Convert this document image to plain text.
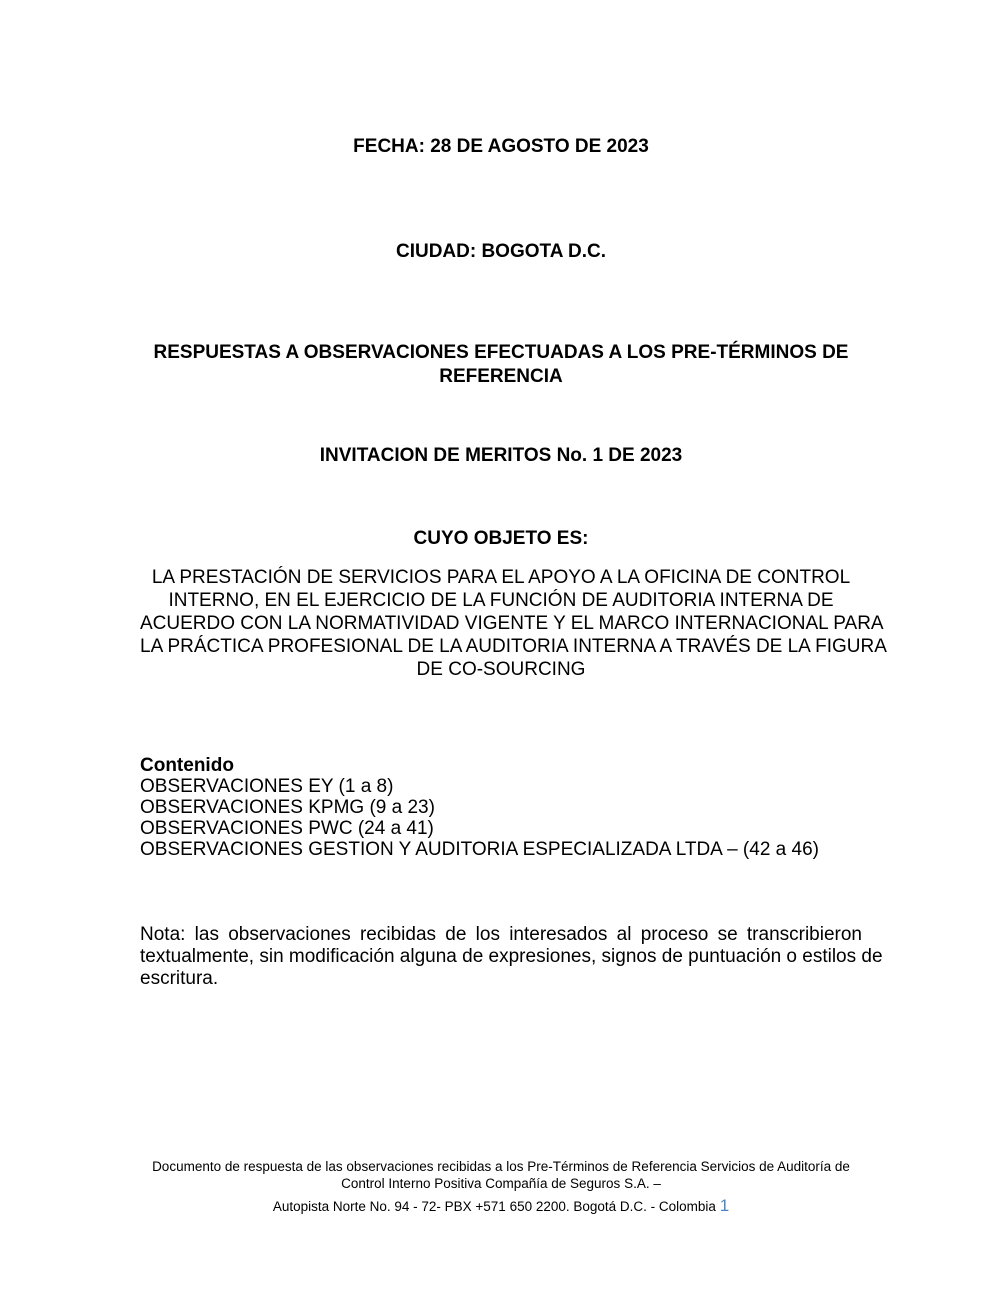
FECHA: 28 DE AGOSTO DE 2023
CIUDAD: BOGOTA D.C.
RESPUESTAS A OBSERVACIONES EFECTUADAS A LOS PRE-TÉRMINOS DE
REFERENCIA
INVITACION DE MERITOS No. 1 DE 2023
CUYO OBJETO ES:
LA PRESTACIÓN DE SERVICIOS PARA EL APOYO A LA OFICINA DE CONTROL
INTERNO, EN EL EJERCICIO DE LA FUNCIÓN DE AUDITORIA INTERNA DE
ACUERDO CON LA NORMATIVIDAD VIGENTE Y EL MARCO INTERNACIONAL PARA
LA PRÁCTICA PROFESIONAL DE LA AUDITORIA INTERNA A TRAVÉS DE LA FIGURA
DE CO-SOURCING
Contenido
OBSERVACIONES EY (1 a 8)
OBSERVACIONES KPMG (9 a 23)
OBSERVACIONES PWC (24 a 41)
OBSERVACIONES GESTION Y AUDITORIA ESPECIALIZADA LTDA – (42 a 46)
Nota: las observaciones recibidas de los interesados al proceso se transcribieron
textualmente, sin modificación alguna de expresiones, signos de puntuación o estilos de
escritura.
Documento de respuesta de las observaciones recibidas a los Pre-Términos de Referencia Servicios de Auditoría de
Control Interno Positiva Compañía de Seguros S.A. –
Autopista Norte No. 94 - 72- PBX +571 650 2200. Bogotá D.C. - Colombia 1
